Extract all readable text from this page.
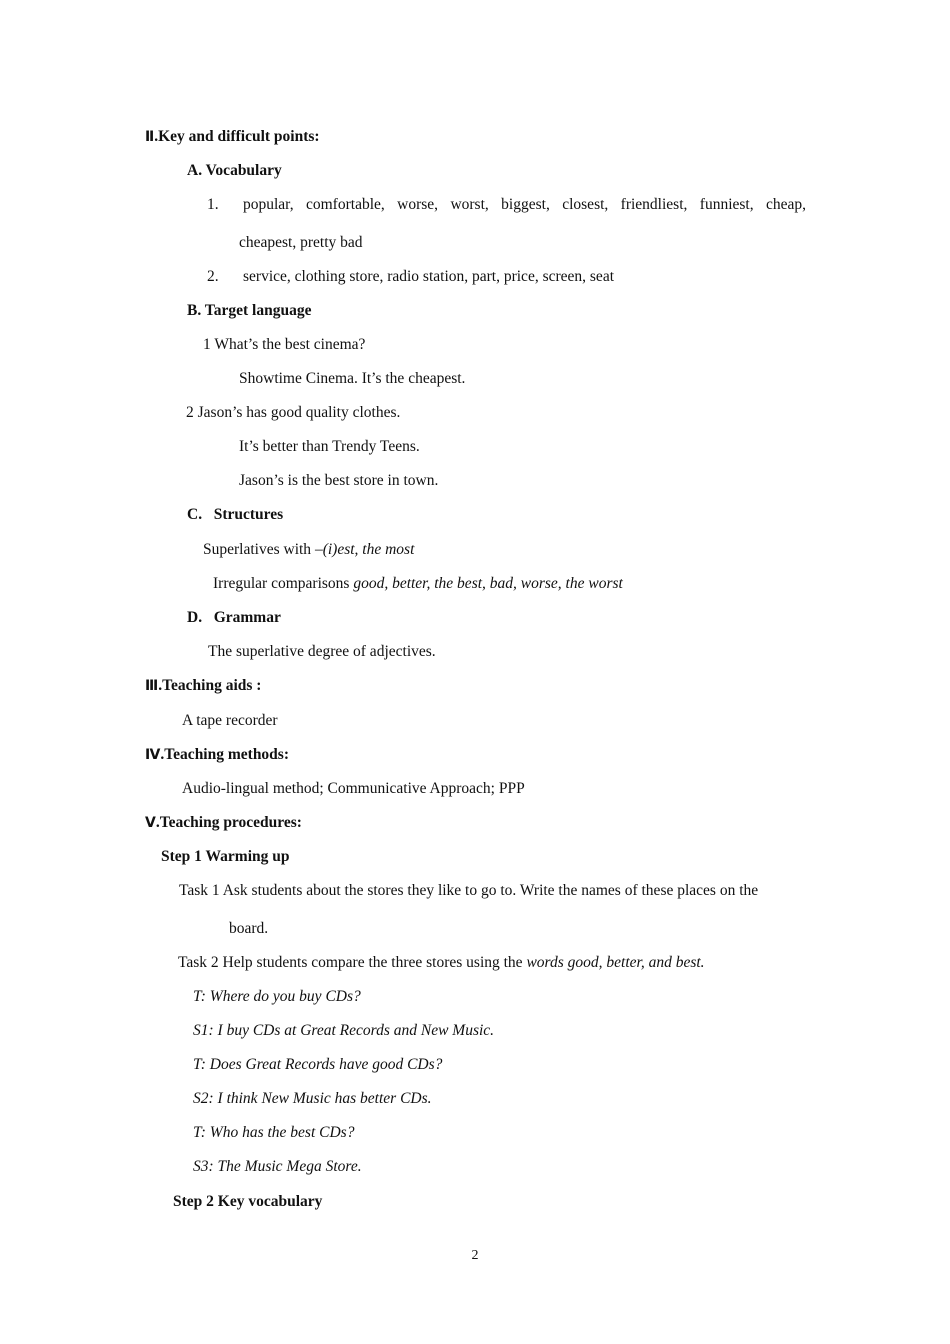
Ⅱ.Key and difficult points:
A. Vocabulary
1. popular, comfortable, worse, worst, biggest, closest, friendliest, funniest, cheap,
cheapest, pretty bad
2. service, clothing store, radio station, part, price, screen, seat
B. Target language
1 What’s the best cinema?
Showtime Cinema. It’s the cheapest.
2 Jason’s has good quality clothes.
It’s better than Trendy Teens.
Jason’s is the best store in town.
C.   Structures
Superlatives with –(i)est, the most
Irregular comparisons good, better, the best, bad, worse, the worst
D.   Grammar
The superlative degree of adjectives.
Ⅲ.Teaching aids :
A tape recorder
Ⅳ.Teaching methods:
Audio-lingual method; Communicative Approach; PPP
Ⅴ.Teaching procedures:
Step 1 Warming up
Task 1 Ask students about the stores they like to go to. Write the names of these places on the
board.
Task 2 Help students compare the three stores using the words good, better, and best.
T: Where do you buy CDs?
S1: I buy CDs at Great Records and New Music.
T: Does Great Records have good CDs?
S2: I think New Music has better CDs.
T: Who has the best CDs?
S3: The Music Mega Store.
Step 2 Key vocabulary
2
